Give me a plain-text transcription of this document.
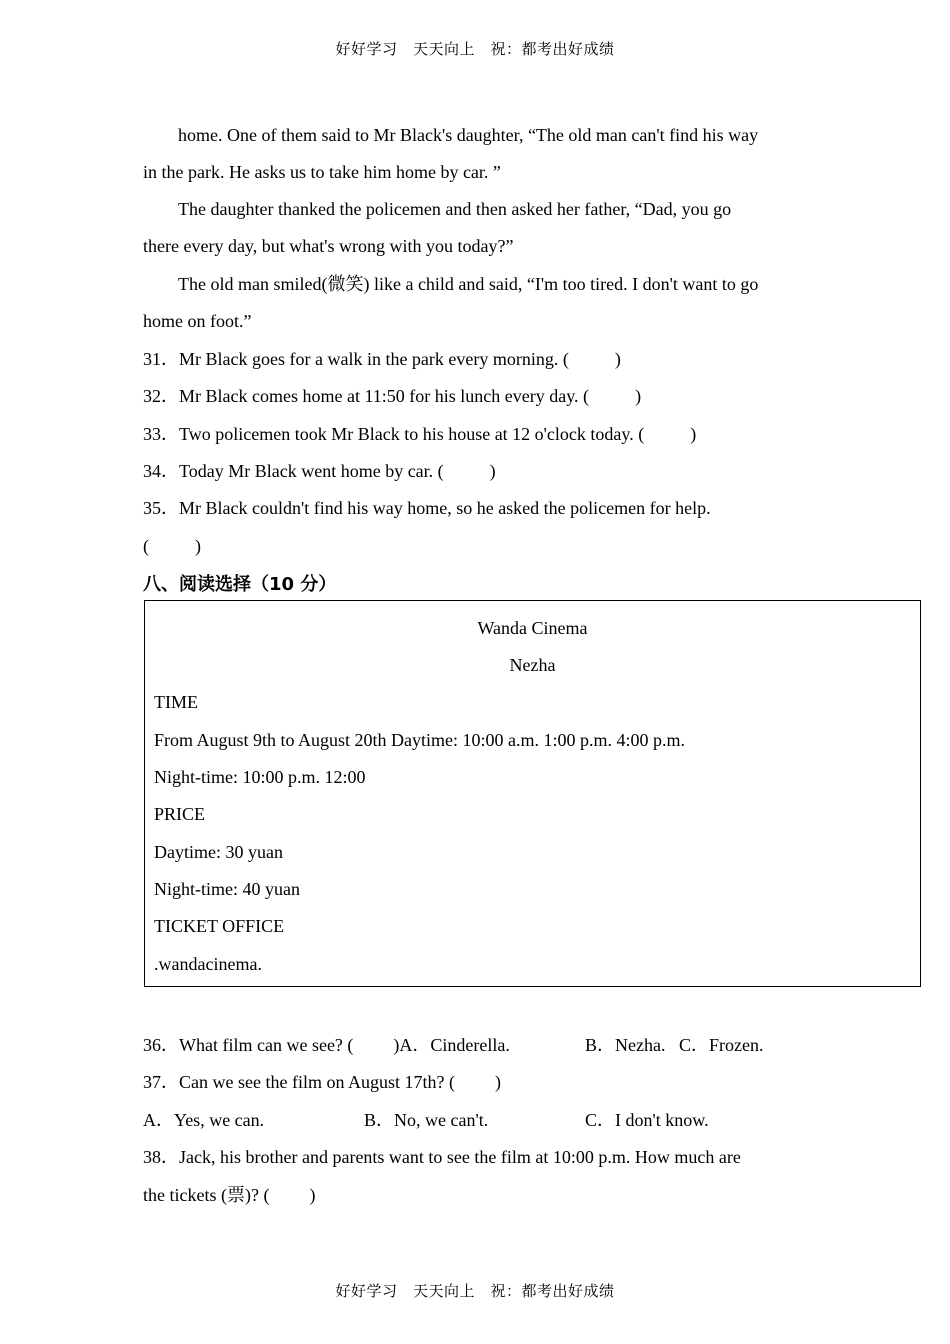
好好学习　天天向上　祝：都考出好成绩
home. One of them said to Mr Black's daughter, “The old man can't find his way
in the park. He asks us to take him home by car. ”
The daughter thanked the policemen and then asked her father, “Dad, you go
there every day, but what's wrong with you today?”
The old man smiled(微笑) like a child and said, “I'm too tired. I don't want to go
home on foot.”
31．Mr Black goes for a walk in the park every morning. (	)
32．Mr Black comes home at 11:50 for his lunch every day. (	)
33．Two policemen took Mr Black to his house at 12 o'clock today. (	)
34．Today Mr Black went home by car. (	)
35．Mr Black couldn't find his way home, so he asked the policemen for help.
(	)
八、阅读选择（10 分）
Wanda Cinema
Nezha
TIME
From August 9th to August 20th Daytime: 10:00 a.m. 1:00 p.m. 4:00 p.m.
Night-time: 10:00 p.m. 12:00
PRICE
Daytime: 30 yuan
Night-time: 40 yuan
TICKET OFFICE
.wandacinema.
36．What film can we see? ( )A．Cinderella.	B．Nezha. C．Frozen.
37．Can we see the film on August 17th? ( )
A．Yes, we can.	B．No, we can't.	C．I don't know.
38．Jack, his brother and parents want to see the film at 10:00 p.m. How much are
the tickets (票)? ( )
好好学习　天天向上　祝：都考出好成绩
